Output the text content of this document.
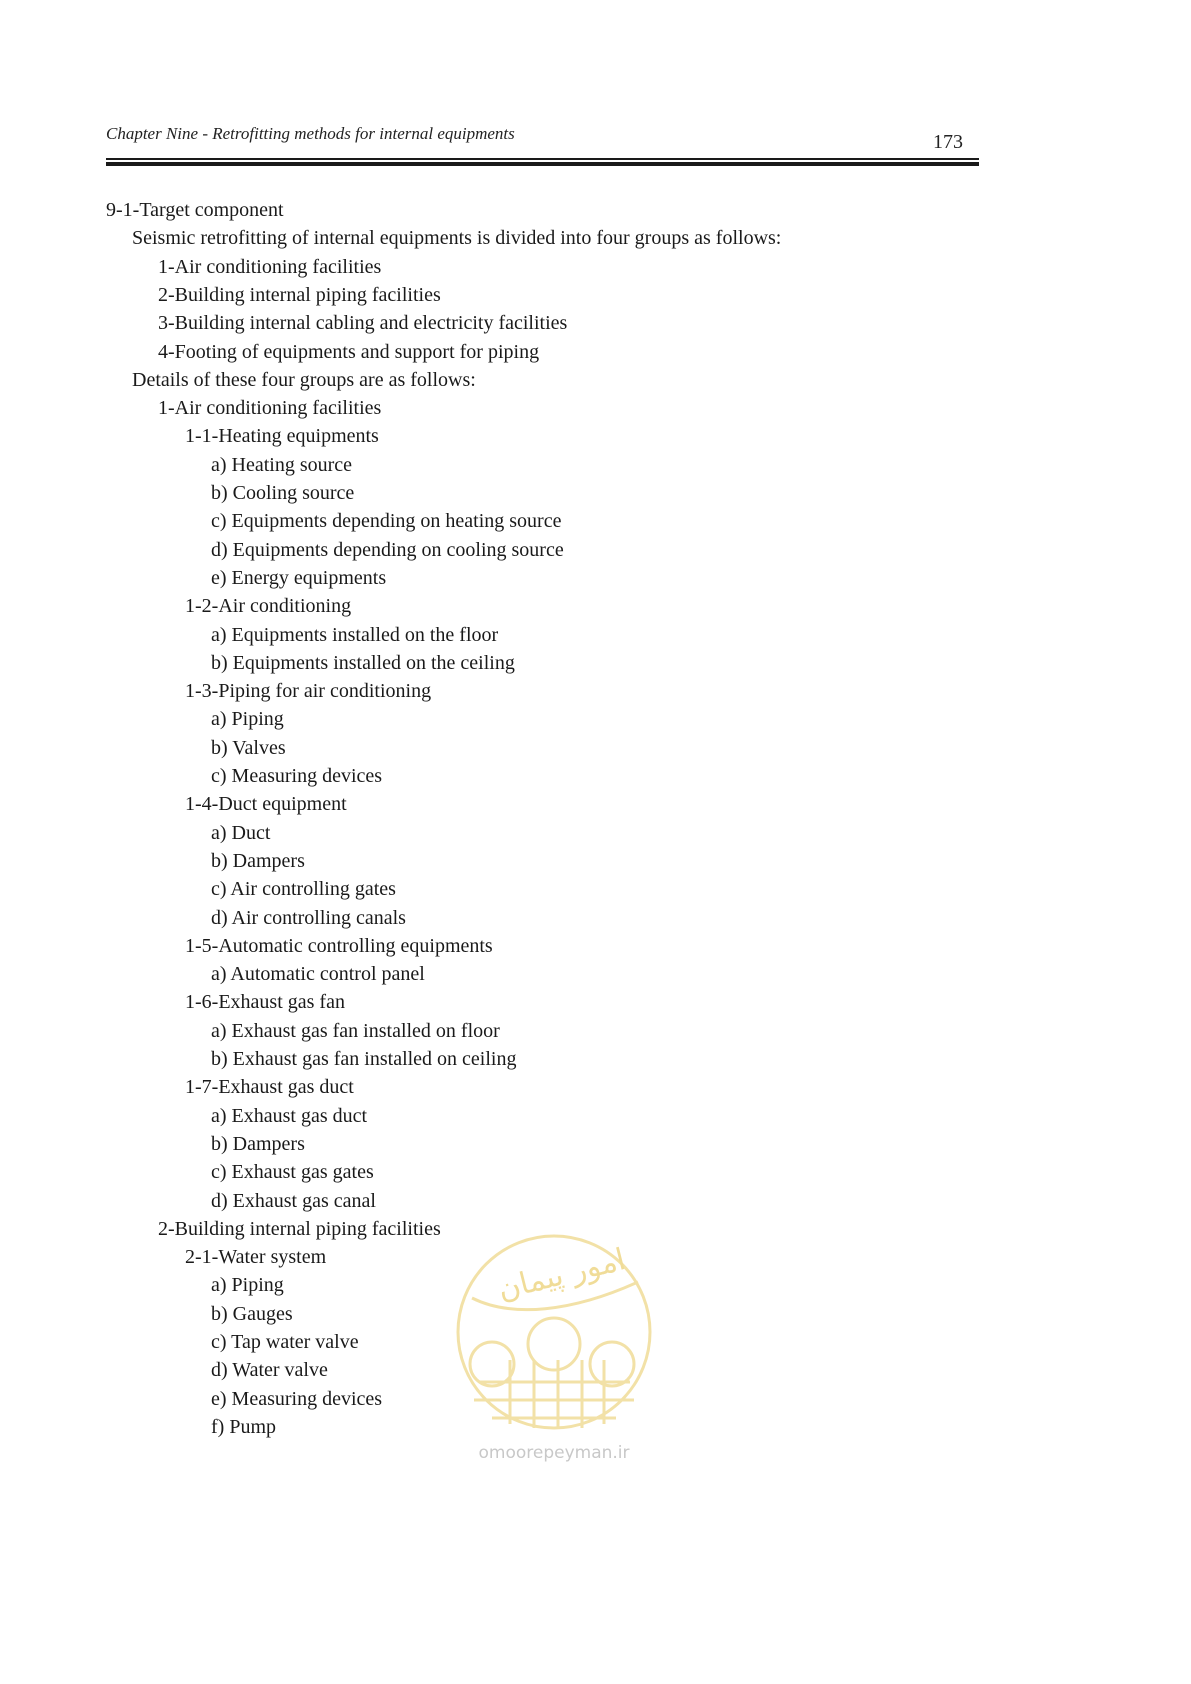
Chapter Nine - Retrofitting methods for internal equipments	173
9-1-Target component
Seismic retrofitting of internal equipments is divided into four groups as follows:
1-Air conditioning facilities
2-Building internal piping facilities
3-Building internal cabling and electricity facilities
4-Footing of equipments and support for piping
Details of these four groups are as follows:
1-Air conditioning facilities
1-1-Heating equipments
a) Heating source
b) Cooling source
c) Equipments depending on heating source
d) Equipments depending on cooling source
e) Energy equipments
1-2-Air conditioning
a) Equipments installed on the floor
b) Equipments installed on the ceiling
1-3-Piping for air conditioning
a) Piping
b) Valves
c) Measuring devices
1-4-Duct equipment
a) Duct
b) Dampers
c) Air controlling gates
d) Air controlling canals
1-5-Automatic controlling equipments
a) Automatic control panel
1-6-Exhaust gas fan
a) Exhaust gas fan installed on floor
b) Exhaust gas fan installed on ceiling
1-7-Exhaust gas duct
a) Exhaust gas duct
b) Dampers
c) Exhaust gas gates
d) Exhaust gas canal
2-Building internal piping facilities
2-1-Water system
a) Piping
b) Gauges
c) Tap water valve
d) Water valve
e) Measuring devices
f) Pump
امور پیمان
omoorepeyman.ir
